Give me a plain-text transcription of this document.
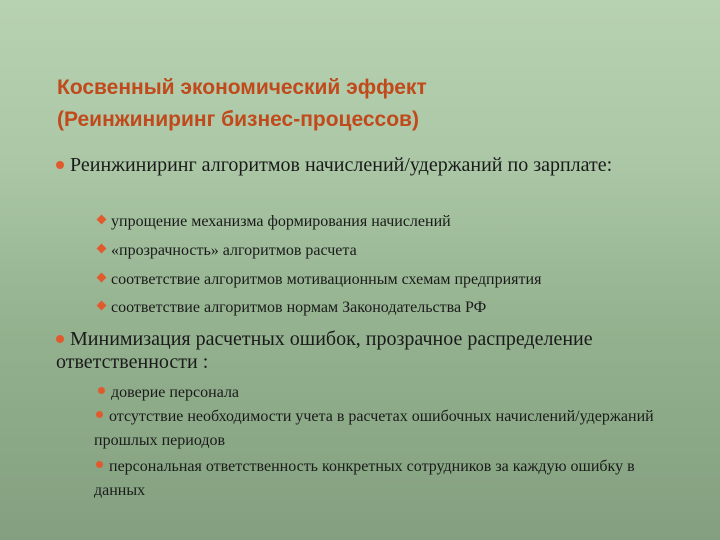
Косвенный экономический эффект
(Реинжиниринг бизнес-процессов)
Реинжиниринг алгоритмов начислений/удержаний по зарплате:
упрощение механизма формирования начислений
«прозрачность» алгоритмов расчета
соответствие алгоритмов мотивационным схемам предприятия
соответствие алгоритмов нормам Законодательства РФ
Минимизация расчетных ошибок, прозрачное распределение ответственности :
доверие персонала
отсутствие необходимости учета в расчетах ошибочных начислений/удержаний прошлых периодов
персональная ответственность конкретных сотрудников за каждую ошибку в данных
